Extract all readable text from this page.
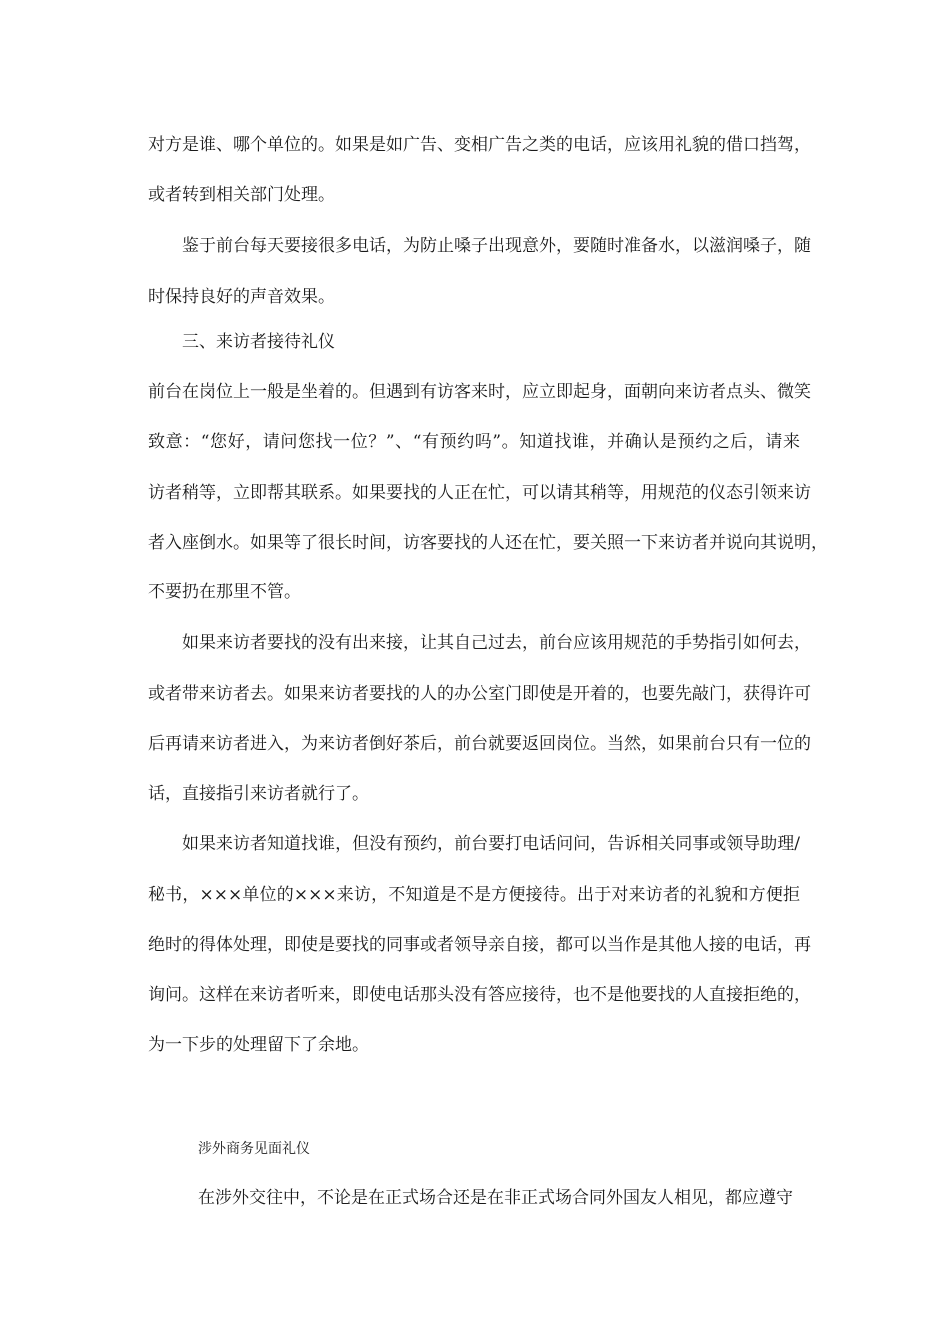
对方是谁、哪个单位的。如果是如广告、变相广告之类的电话，应该用礼貌的借口挡驾，
或者转到相关部门处理。
鉴于前台每天要接很多电话，为防止嗓子出现意外，要随时准备水，以滋润嗓子，随
时保持良好的声音效果。
三、来访者接待礼仪
前台在岗位上一般是坐着的。但遇到有访客来时，应立即起身，面朝向来访者点头、微笑
致意：“您好，请问您找一位？”、“有预约吗”。知道找谁，并确认是预约之后，请来
访者稍等，立即帮其联系。如果要找的人正在忙，可以请其稍等，用规范的仪态引领来访
者入座倒水。如果等了很长时间，访客要找的人还在忙，要关照一下来访者并说向其说明，
不要扔在那里不管。
如果来访者要找的没有出来接，让其自己过去，前台应该用规范的手势指引如何去，
或者带来访者去。如果来访者要找的人的办公室门即使是开着的，也要先敲门，获得许可
后再请来访者进入，为来访者倒好茶后，前台就要返回岗位。当然，如果前台只有一位的
话，直接指引来访者就行了。
如果来访者知道找谁，但没有预约，前台要打电话问问，告诉相关同事或领导助理/
秘书，×××单位的×××来访，不知道是不是方便接待。出于对来访者的礼貌和方便拒
绝时的得体处理，即使是要找的同事或者领导亲自接，都可以当作是其他人接的电话，再
询问。这样在来访者听来，即使电话那头没有答应接待，也不是他要找的人直接拒绝的，
为一下步的处理留下了余地。
涉外商务见面礼仪
在涉外交往中，不论是在正式场合还是在非正式场合同外国友人相见，都应遵守
